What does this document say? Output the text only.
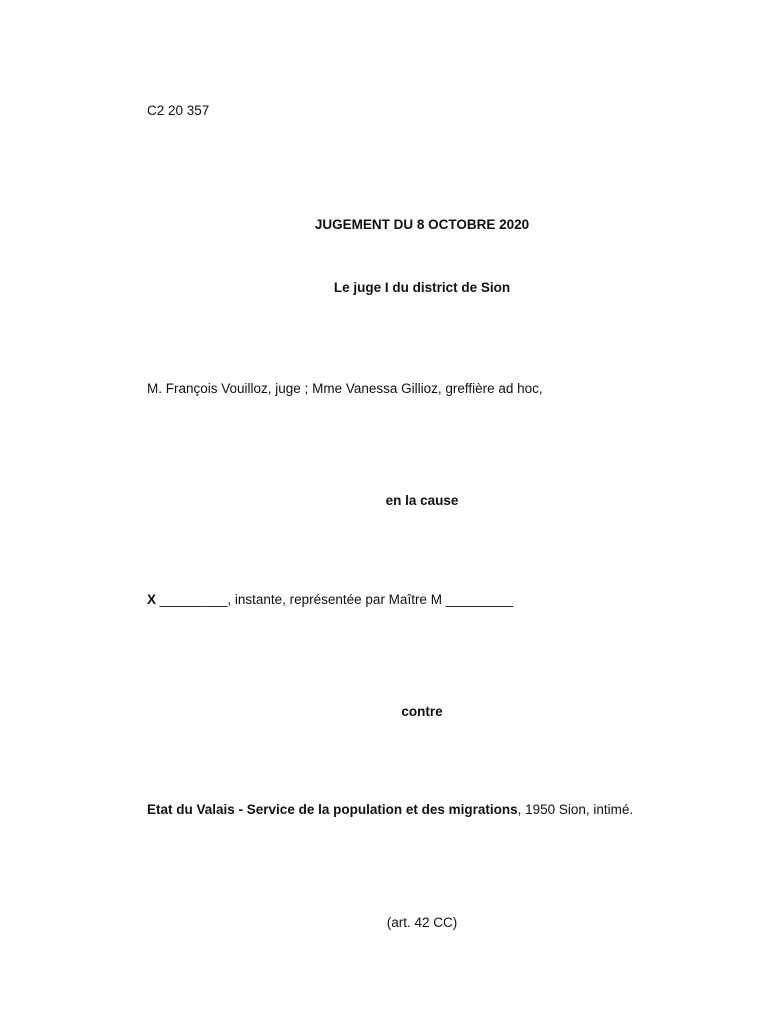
C2 20 357
JUGEMENT DU 8 OCTOBRE 2020
Le juge I du district de Sion
M. François Vouilloz, juge ; Mme Vanessa Gillioz, greffière ad hoc,
en la cause
X _________, instante, représentée par Maître M _________
contre
Etat du Valais - Service de la population et des migrations, 1950 Sion, intimé.
(art. 42 CC)
